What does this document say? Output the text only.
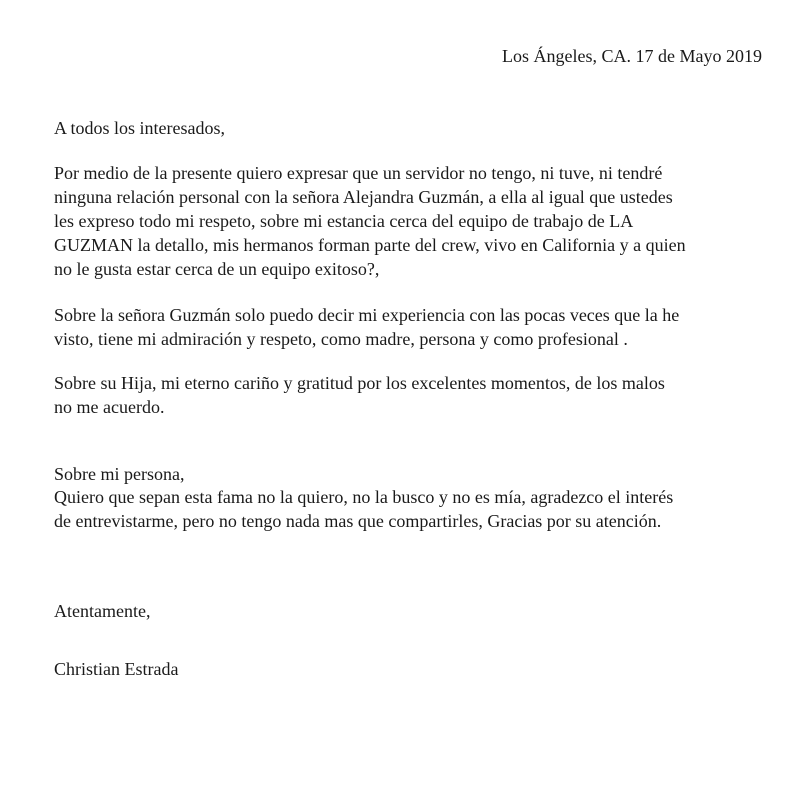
Los Ángeles, CA. 17 de Mayo 2019
A todos los interesados,
Por medio de la presente quiero expresar que un servidor no tengo, ni tuve, ni tendré
ninguna relación personal con la señora Alejandra Guzmán, a ella al igual que ustedes
les expreso todo mi respeto, sobre mi estancia cerca del equipo de trabajo de LA
GUZMAN la detallo, mis hermanos forman parte del crew, vivo en California y a quien
no le gusta estar cerca de un equipo exitoso?,
Sobre la señora Guzmán solo puedo decir mi experiencia con las pocas veces que la he
visto, tiene mi admiración y respeto, como madre, persona y como profesional .
Sobre su Hija, mi eterno cariño y gratitud por los excelentes momentos, de los malos
no me acuerdo.
Sobre mi persona,
Quiero que sepan esta fama no la quiero, no la busco y no es mía, agradezco el interés
de entrevistarme, pero no tengo nada mas que compartirles, Gracias por su atención.
Atentamente,
Christian Estrada
